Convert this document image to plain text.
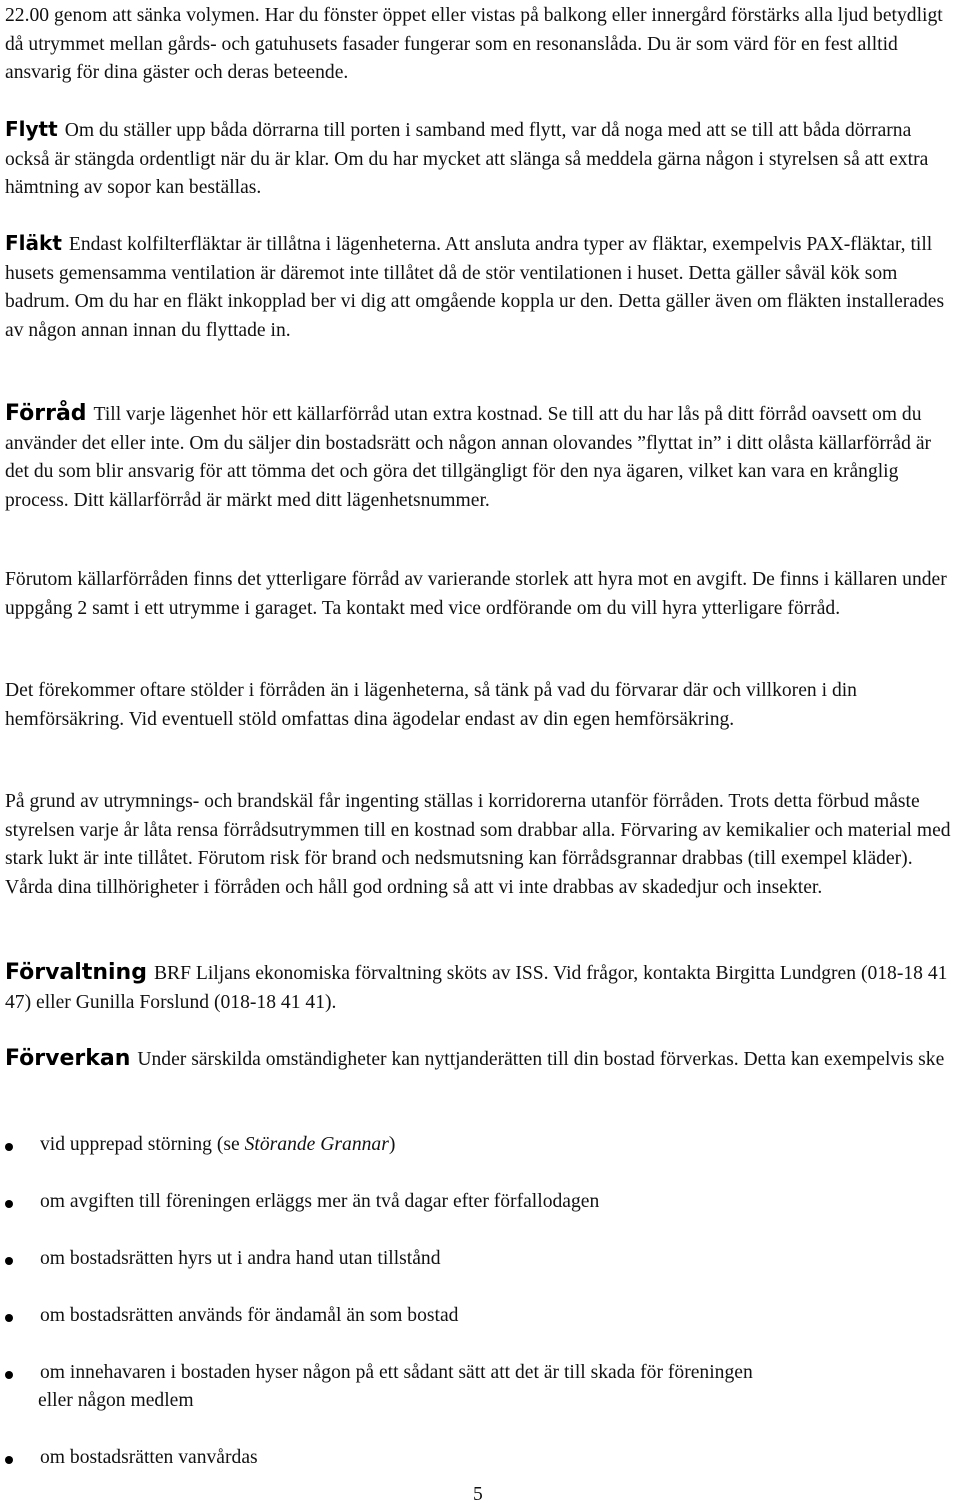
22.00 genom att sänka volymen. Har du fönster öppet eller vistas på balkong eller innergård förstärks alla ljud betydligt då utrymmet mellan gårds- och gatuhusets fasader fungerar som en resonanslåda. Du är som värd för en fest alltid ansvarig för dina gäster och deras beteende.

Flytt Om du ställer upp båda dörrarna till porten i samband med flytt, var då noga med att se till att båda dörrarna också är stängda ordentligt när du är klar. Om du har mycket att slänga så meddela gärna någon i styrelsen så att extra hämtning av sopor kan beställas.

Fläkt Endast kolfilterfläktar är tillåtna i lägenheterna. Att ansluta andra typer av fläktar, exempelvis PAX-fläktar, till husets gemensamma ventilation är däremot inte tillåtet då de stör ventilationen i huset. Detta gäller såväl kök som badrum. Om du har en fläkt inkopplad ber vi dig att omgående koppla ur den. Detta gäller även om fläkten installerades av någon annan innan du flyttade in.

Förråd Till varje lägenhet hör ett källarförråd utan extra kostnad. Se till att du har lås på ditt förråd oavsett om du använder det eller inte. Om du säljer din bostadsrätt och någon annan olovandes ”flyttat in” i ditt olåsta källarförråd är det du som blir ansvarig för att tömma det och göra det tillgängligt för den nya ägaren, vilket kan vara en krånglig process. Ditt källarförråd är märkt med ditt lägenhetsnummer.

Förutom källarförråden finns det ytterligare förråd av varierande storlek att hyra mot en avgift. De finns i källaren under uppgång 2 samt i ett utrymme i garaget. Ta kontakt med vice ordförande om du vill hyra ytterligare förråd.

Det förekommer oftare stölder i förråden än i lägenheterna, så tänk på vad du förvarar där och villkoren i din hemförsäkring. Vid eventuell stöld omfattas dina ägodelar endast av din egen hemförsäkring.

På grund av utrymnings- och brandskäl får ingenting ställas i korridorerna utanför förråden. Trots detta förbud måste styrelsen varje år låta rensa förrådsutrymmen till en kostnad som drabbar alla. Förvaring av kemikalier och material med stark lukt är inte tillåtet. Förutom risk för brand och nedsmutsning kan förrådsgrannar drabbas (till exempel kläder). Vårda dina tillhörigheter i förråden och håll god ordning så att vi inte drabbas av skadedjur och insekter.

Förvaltning BRF Liljans ekonomiska förvaltning sköts av ISS. Vid frågor, kontakta Birgitta Lundgren (018-18 41 47) eller Gunilla Forslund (018-18 41 41).

Förverkan Under särskilda omständigheter kan nyttjanderätten till din bostad förverkas. Detta kan exempelvis ske

vid upprepad störning (se Störande Grannar)
om avgiften till föreningen erläggs mer än två dagar efter förfallodagen
om bostadsrätten hyrs ut i andra hand utan tillstånd
om bostadsrätten används för ändamål än som bostad
om innehavaren i bostaden hyser någon på ett sådant sätt att det är till skada för föreningen
eller någon medlem
om bostadsrätten vanvårdas
5
